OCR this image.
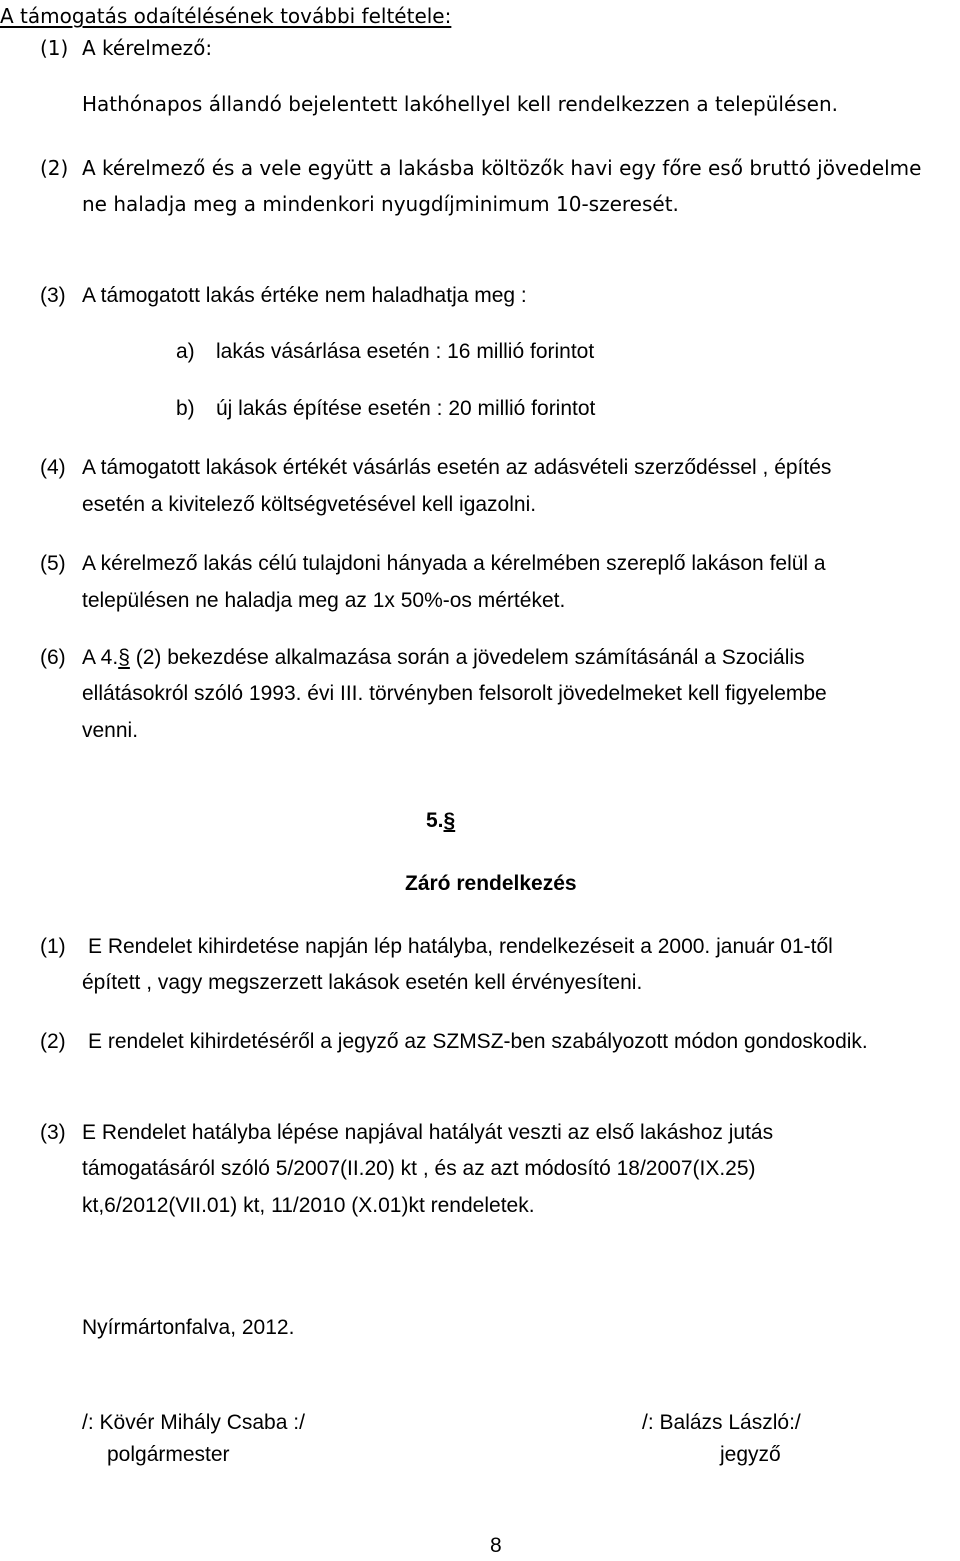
A támogatás odaítélésének további feltétele:
(1) A kérelmező:
Hathónapos állandó bejelentett lakóhellyel kell rendelkezzen a településen.
(2) A kérelmező és a vele együtt a lakásba költözők havi egy főre eső bruttó jövedelme
ne haladja meg a mindenkori nyugdíjminimum 10-szeresét.
(3) A támogatott lakás értéke nem haladhatja meg :
a) lakás vásárlása esetén : 16 millió forintot
b) új lakás építése esetén : 20 millió forintot
(4) A támogatott lakások értékét vásárlás esetén az adásvételi szerződéssel , építés
esetén a kivitelező költségvetésével kell igazolni.
(5) A kérelmező lakás célú tulajdoni hányada a kérelmében szereplő lakáson felül a
településen ne haladja meg az 1x 50%-os mértéket.
(6) A 4.§ (2) bekezdése alkalmazása során a jövedelem számításánál a Szociális
ellátásokról szóló 1993. évi III. törvényben felsorolt jövedelmeket kell figyelembe
venni.
5.§
Záró rendelkezés
(1) E Rendelet kihirdetése napján lép hatályba, rendelkezéseit a 2000. január 01-től
épített , vagy megszerzett lakások esetén kell érvényesíteni.
(2) E rendelet kihirdetéséről a jegyző az SZMSZ-ben szabályozott módon gondoskodik.
(3) E Rendelet hatályba lépése napjával hatályát veszti az első lakáshoz jutás
támogatásáról szóló 5/2007(II.20) kt , és az azt módosító 18/2007(IX.25)
kt,6/2012(VII.01) kt, 11/2010 (X.01)kt rendeletek.
Nyírmártonfalva, 2012.
/: Kövér Mihály Csaba :/
polgármester
/: Balázs László:/
jegyző
8
